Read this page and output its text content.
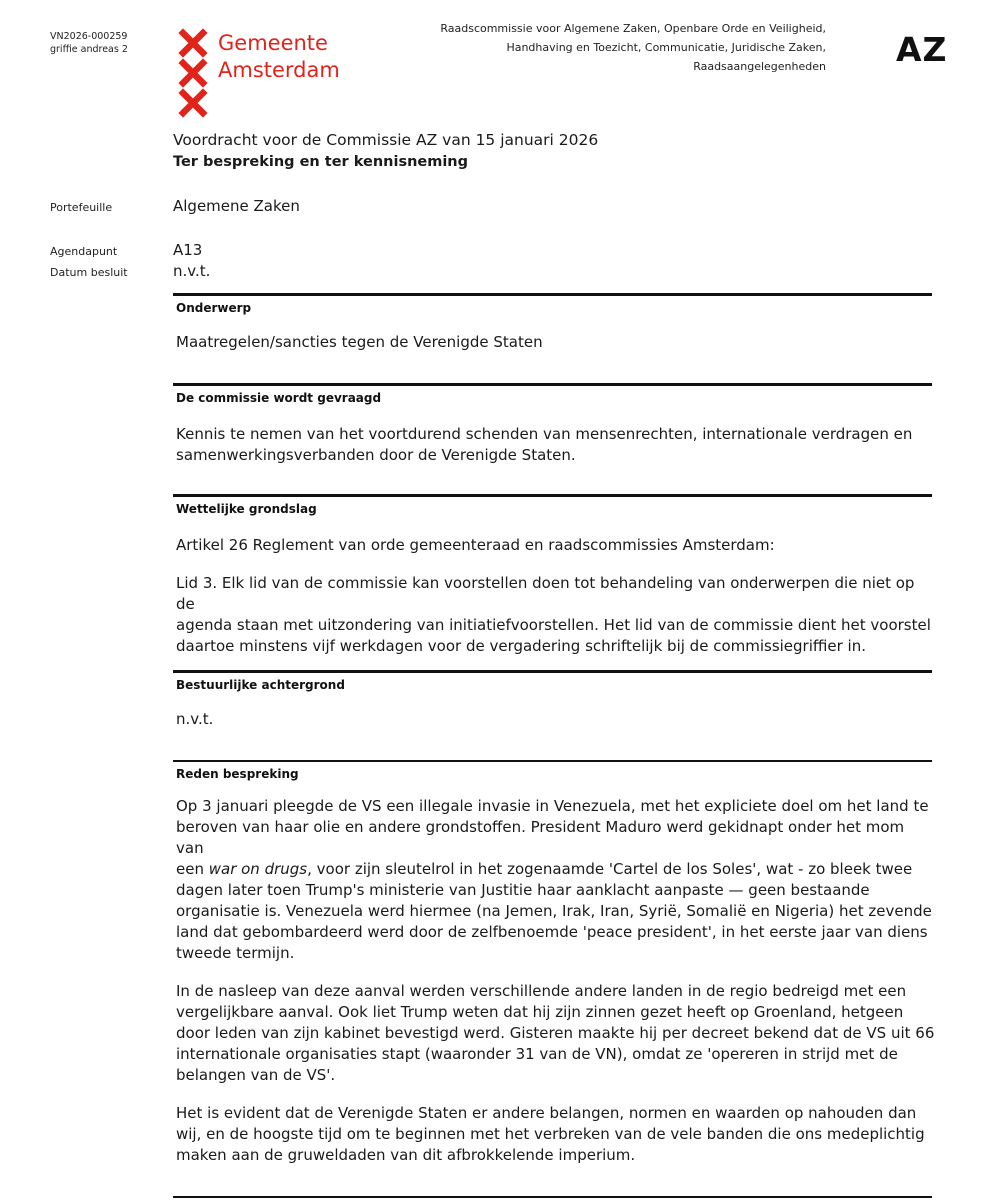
VN2026-000259
griffie andreas 2	Gemeente
Amsterdam
Raadscommissie voor Algemene Zaken, Openbare Orde en Veiligheid,
Handhaving en Toezicht, Communicatie, Juridische Zaken,
Raadsaangelegenheden AZ
Voordracht voor de Commissie AZ van 15 januari 2026
Ter bespreking en ter kennisneming
Portefeuille	Algemene Zaken
Agendapunt	A13
Datum besluit	n.v.t.
Onderwerp

Maatregelen/sancties tegen de Verenigde Staten

De commissie wordt gevraagd

Kennis te nemen van het voortdurend schenden van mensenrechten, internationale verdragen en
samenwerkingsverbanden door de Verenigde Staten.

Wettelijke grondslag

Artikel 26 Reglement van orde gemeenteraad en raadscommissies Amsterdam:

Lid 3. Elk lid van de commissie kan voorstellen doen tot behandeling van onderwerpen die niet op de
agenda staan met uitzondering van initiatiefvoorstellen. Het lid van de commissie dient het voorstel
daartoe minstens vijf werkdagen voor de vergadering schriftelijk bij de commissiegriffier in.

Bestuurlijke achtergrond

n.v.t.

Reden bespreking

Op 3 januari pleegde de VS een illegale invasie in Venezuela, met het expliciete doel om het land te
beroven van haar olie en andere grondstoffen. President Maduro werd gekidnapt onder het mom van
een war on drugs, voor zijn sleutelrol in het zogenaamde 'Cartel de los Soles', wat - zo bleek twee
dagen later toen Trump's ministerie van Justitie haar aanklacht aanpaste — geen bestaande
organisatie is. Venezuela werd hiermee (na Jemen, Irak, Iran, Syrië, Somalië en Nigeria) het zevende
land dat gebombardeerd werd door de zelfbenoemde 'peace president', in het eerste jaar van diens
tweede termijn.

In de nasleep van deze aanval werden verschillende andere landen in de regio bedreigd met een
vergelijkbare aanval. Ook liet Trump weten dat hij zijn zinnen gezet heeft op Groenland, hetgeen
door leden van zijn kabinet bevestigd werd. Gisteren maakte hij per decreet bekend dat de VS uit 66
internationale organisaties stapt (waaronder 31 van de VN), omdat ze 'opereren in strijd met de
belangen van de VS'.

Het is evident dat de Verenigde Staten er andere belangen, normen en waarden op nahouden dan
wij, en de hoogste tijd om te beginnen met het verbreken van de vele banden die ons medeplichtig
maken aan de gruweldaden van dit afbrokkelende imperium.
